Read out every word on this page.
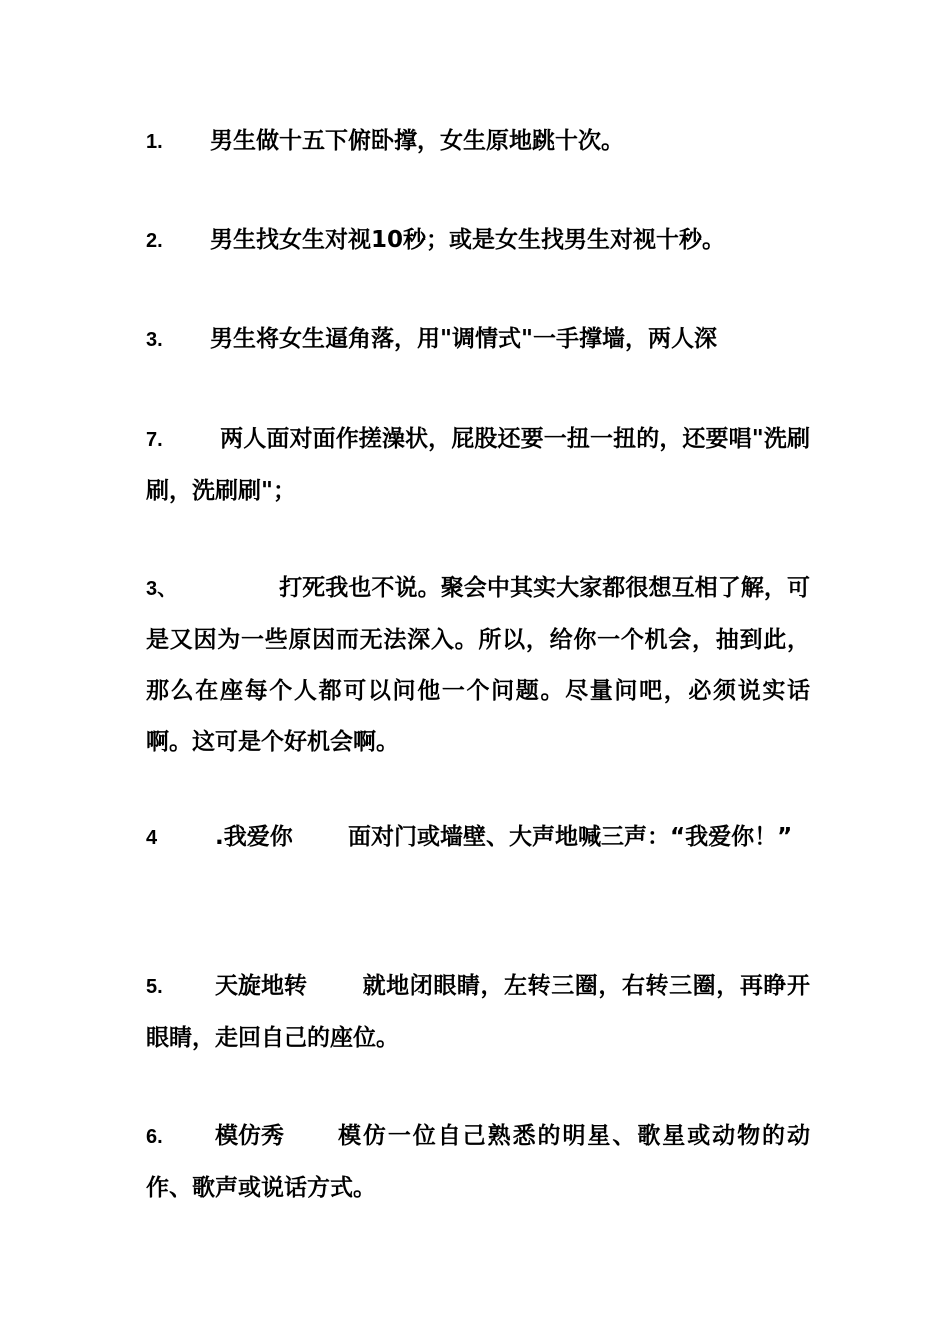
1. 男生做十五下俯卧撑，女生原地跳十次。
2. 男生找女生对视10秒；或是女生找男生对视十秒。
3. 男生将女生逼角落，用"调情式"一手撑墙，两人深
7. 两人面对面作搓澡状，屁股还要一扭一扭的，还要唱"洗刷刷，洗刷刷"；
3、	打死我也不说。聚会中其实大家都很想互相了解，可是又因为一些原因而无法深入。所以，给你一个机会，抽到此，那么在座每个人都可以问他一个问题。尽量问吧，必须说实话啊。这可是个好机会啊。
4	.我爱你 面对门或墙壁、大声地喊三声：“我爱你！”
5. 天旋地转 就地闭眼睛，左转三圈，右转三圈，再睁开眼睛，走回自己的座位。
6. 模仿秀 模仿一位自己熟悉的明星、歌星或动物的动作、歌声或说话方式。
